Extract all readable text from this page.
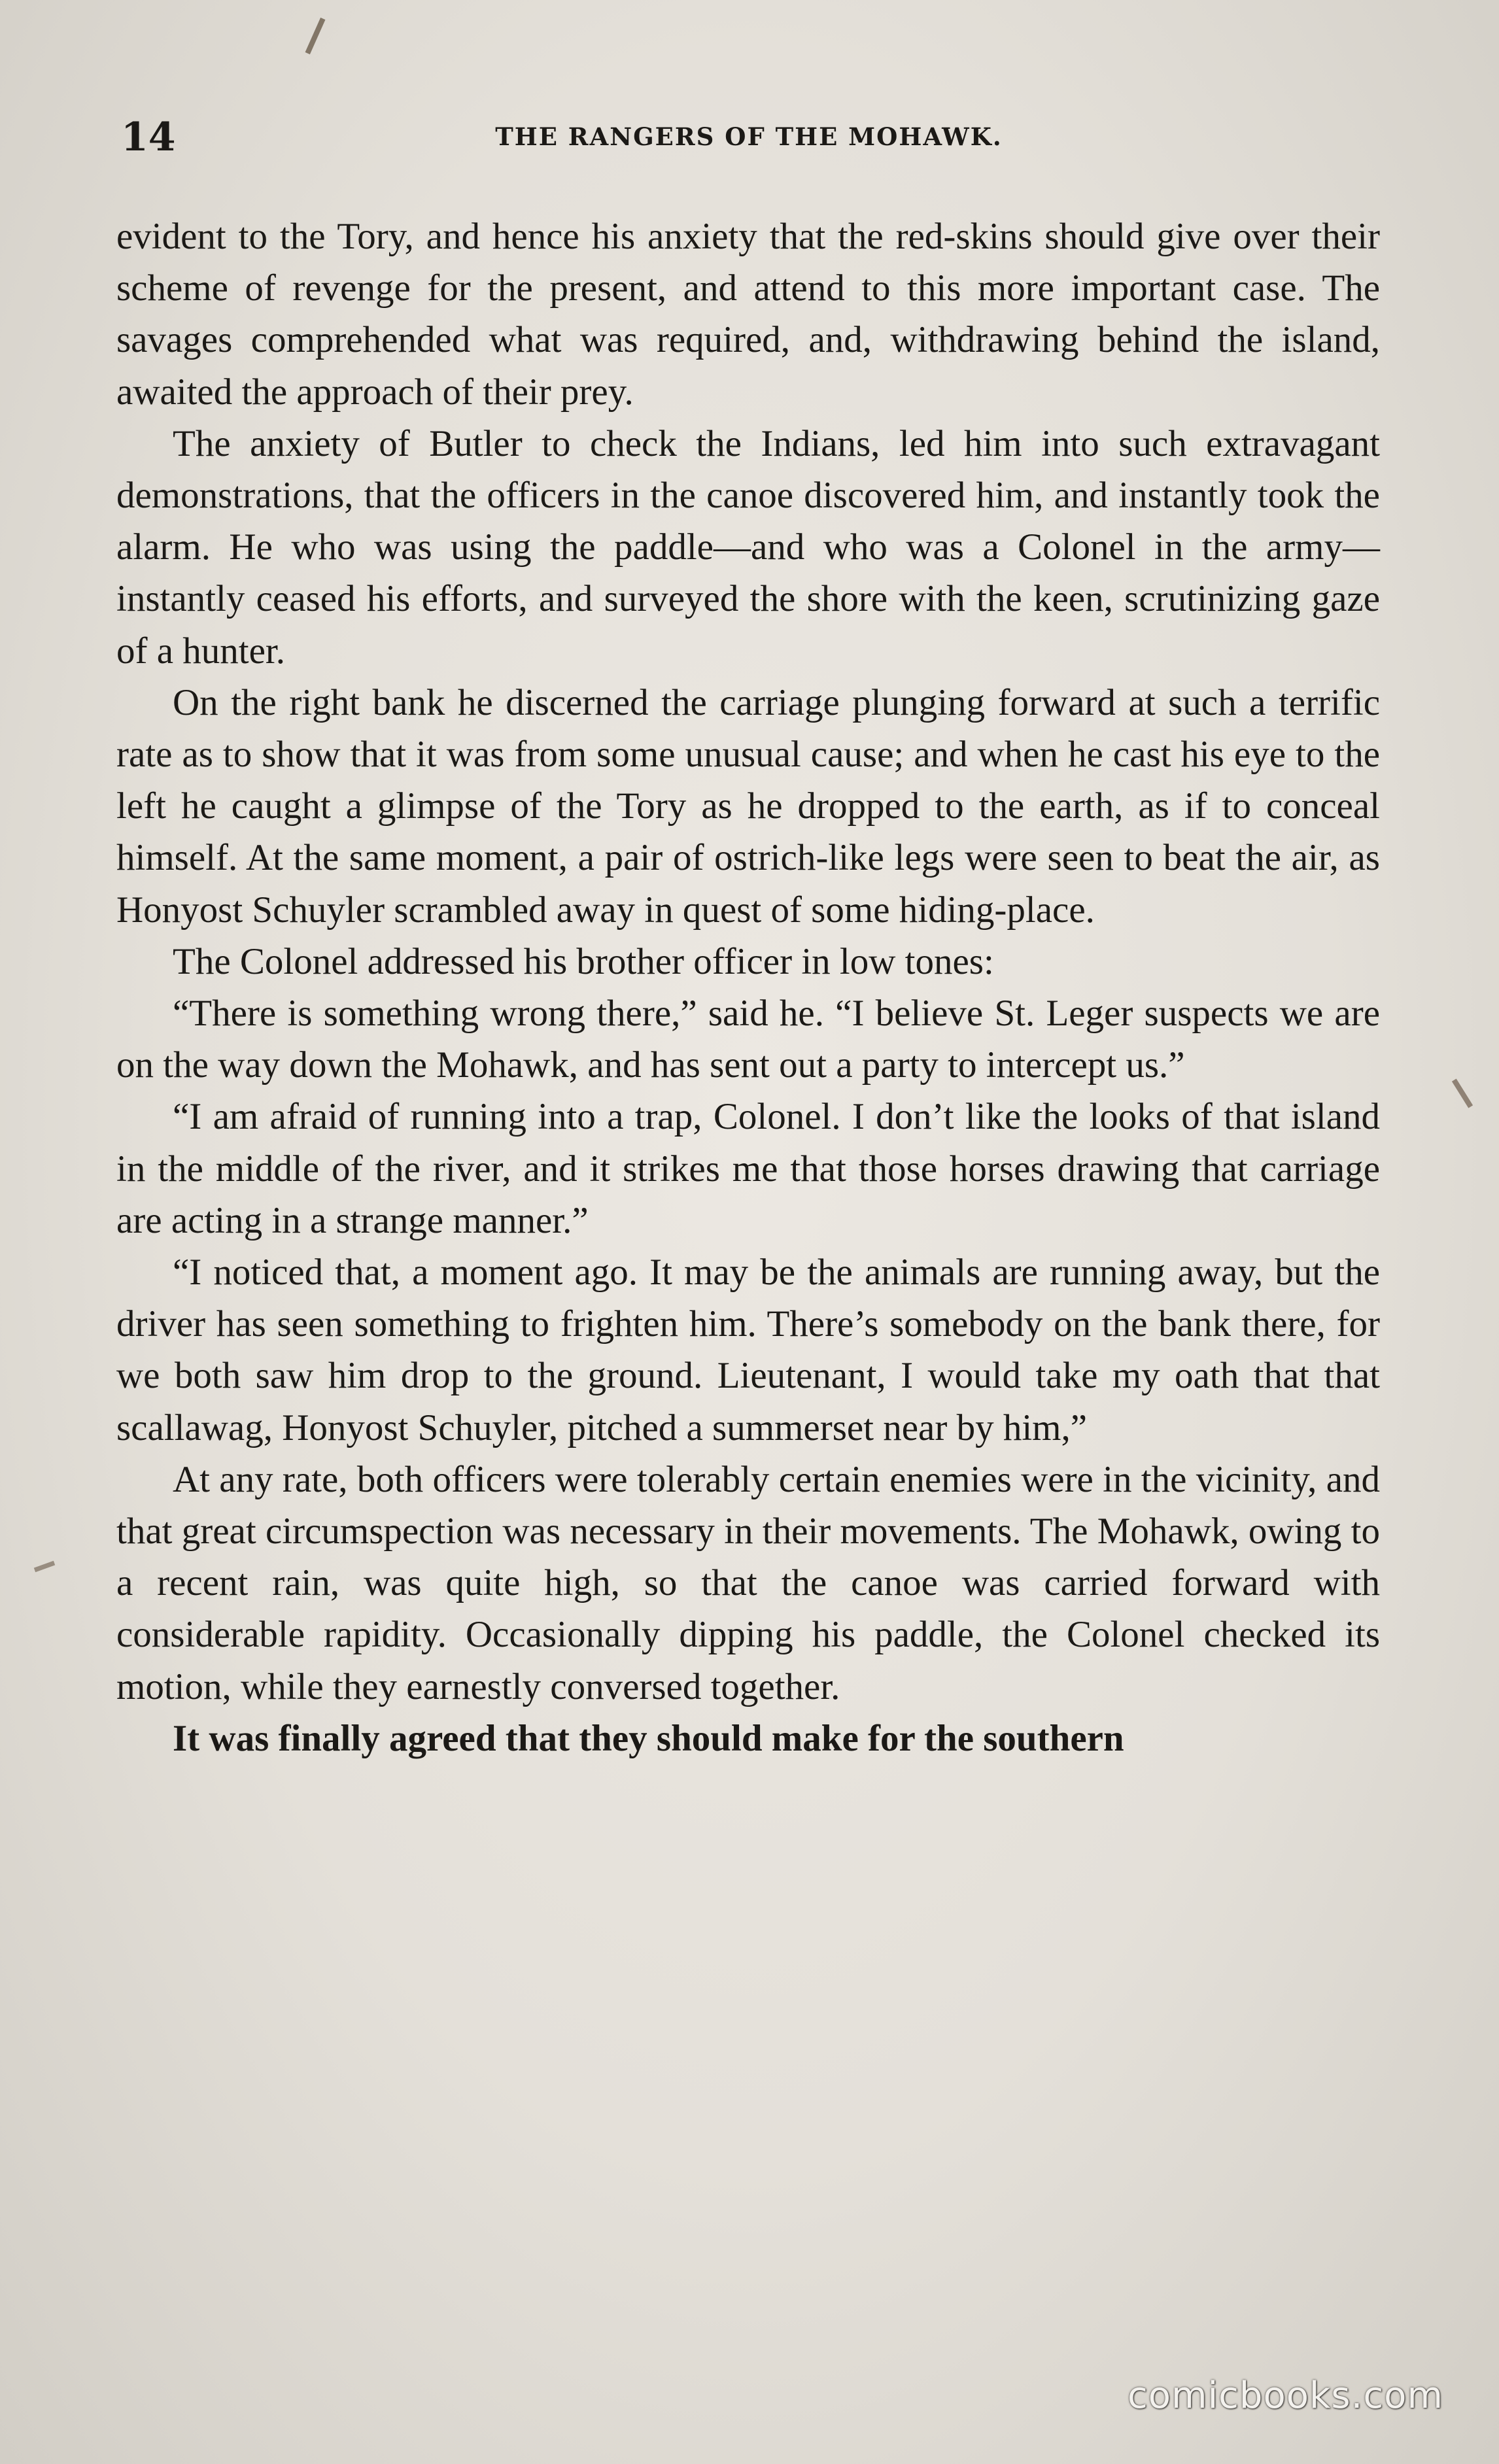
14	THE RANGERS OF THE MOHAWK.

evident to the Tory, and hence his anxiety that the red-skins should give over their scheme of revenge for the present, and attend to this more important case. The savages comprehended what was required, and, withdrawing behind the island, awaited the approach of their prey.

The anxiety of Butler to check the Indians, led him into such extravagant demonstrations, that the officers in the canoe discovered him, and instantly took the alarm. He who was using the paddle—and who was a Colonel in the army—instantly ceased his efforts, and surveyed the shore with the keen, scrutinizing gaze of a hunter.

On the right bank he discerned the carriage plunging forward at such a terrific rate as to show that it was from some unusual cause; and when he cast his eye to the left he caught a glimpse of the Tory as he dropped to the earth, as if to conceal himself. At the same moment, a pair of ostrich-like legs were seen to beat the air, as Honyost Schuyler scrambled away in quest of some hiding-place.

The Colonel addressed his brother officer in low tones:

“There is something wrong there,” said he. “I believe St. Leger suspects we are on the way down the Mohawk, and has sent out a party to intercept us.”

“I am afraid of running into a trap, Colonel. I don’t like the looks of that island in the middle of the river, and it strikes me that those horses drawing that carriage are acting in a strange manner.”

“I noticed that, a moment ago. It may be the animals are running away, but the driver has seen something to frighten him. There’s somebody on the bank there, for we both saw him drop to the ground. Lieutenant, I would take my oath that that scallawag, Honyost Schuyler, pitched a summerset near by him,”

At any rate, both officers were tolerably certain enemies were in the vicinity, and that great circumspection was necessary in their movements. The Mohawk, owing to a recent rain, was quite high, so that the canoe was carried forward with considerable rapidity. Occasionally dipping his paddle, the Colonel checked its motion, while they earnestly conversed together.

It was finally agreed that they should make for the southern

comicbooks.com
